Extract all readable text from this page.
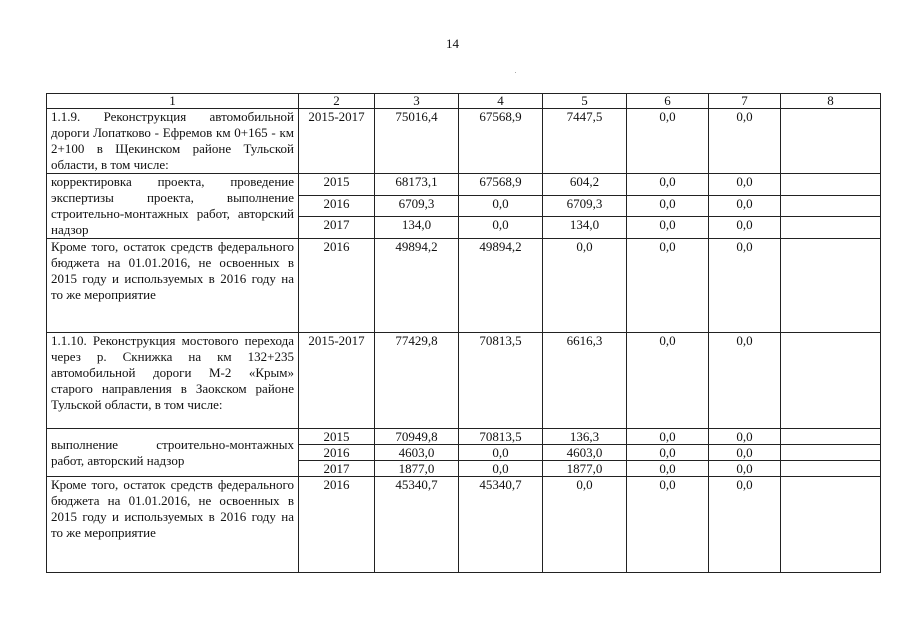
14
1	2	3	4	5	6	7	8
1.1.9. Реконструкция автомобильной дороги Лопатково - Ефремов км 0+165 - км 2+100 в Щекинском районе Тульской области, в том числе:	2015-2017	75016,4	67568,9	7447,5	0,0	0,0	
корректировка проекта, проведение экспертизы проекта, выполнение строительно-монтажных работ, авторский надзор	2015	68173,1	67568,9	604,2	0,0	0,0	
	2016	6709,3	0,0	6709,3	0,0	0,0	
	2017	134,0	0,0	134,0	0,0	0,0	
Кроме того, остаток средств федерального бюджета на 01.01.2016, не освоенных в 2015 году и используемых в 2016 году на то же мероприятие	2016	49894,2	49894,2	0,0	0,0	0,0	
1.1.10. Реконструкция мостового перехода через р. Скнижка на км 132+235 автомобильной дороги М-2 «Крым» старого направления в Заокском районе Тульской области, в том числе:	2015-2017	77429,8	70813,5	6616,3	0,0	0,0	
выполнение строительно-монтажных работ, авторский надзор	2015	70949,8	70813,5	136,3	0,0	0,0	
	2016	4603,0	0,0	4603,0	0,0	0,0	
	2017	1877,0	0,0	1877,0	0,0	0,0	
Кроме того, остаток средств федерального бюджета на 01.01.2016, не освоенных в 2015 году и используемых в 2016 году на то же мероприятие	2016	45340,7	45340,7	0,0	0,0	0,0	
